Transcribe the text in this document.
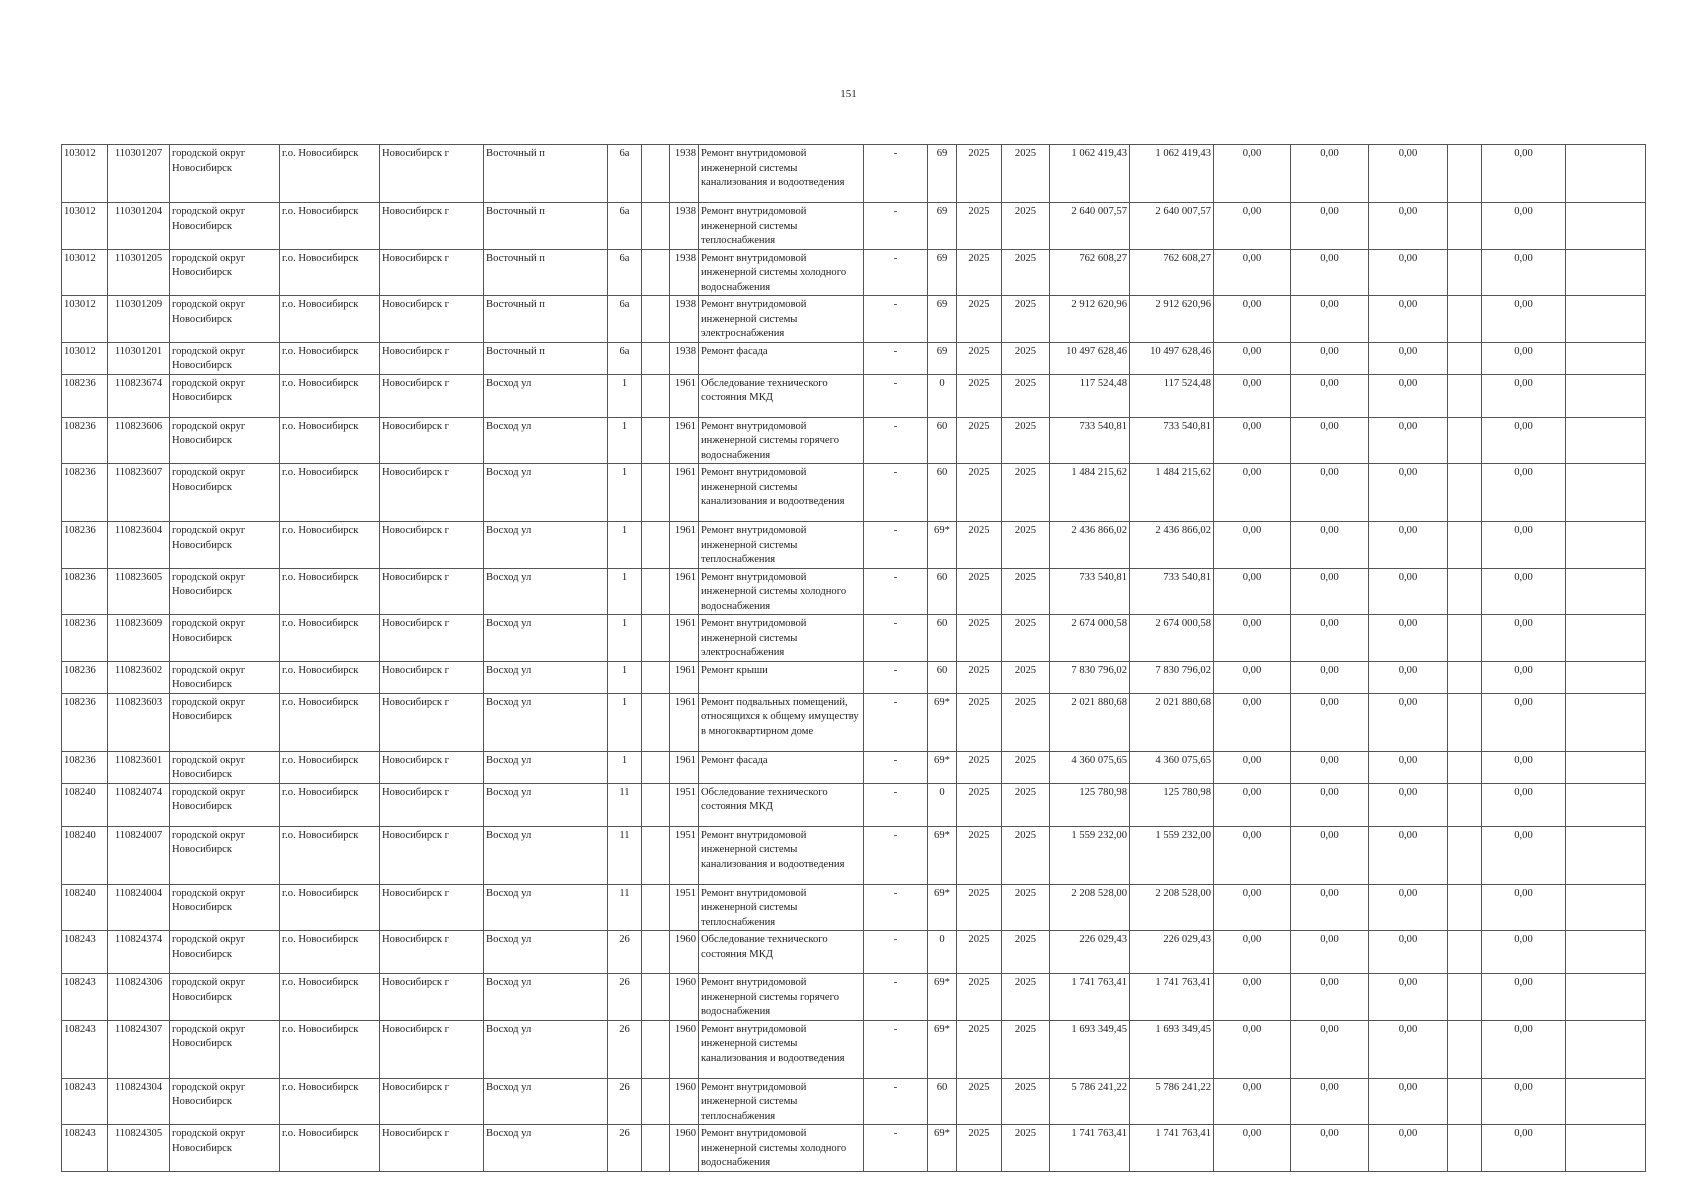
151
103012	110301207	городской округ Новосибирск	г.о. Новосибирск	Новосибирск г	Восточный п	6а		1938	Ремонт внутридомовой инженерной системы канализования и водоотведения	-	69	2025	2025	1 062 419,43	1 062 419,43	0,00	0,00	0,00		0,00	
103012	110301204	городской округ Новосибирск	г.о. Новосибирск	Новосибирск г	Восточный п	6а		1938	Ремонт внутридомовой инженерной системы теплоснабжения	-	69	2025	2025	2 640 007,57	2 640 007,57	0,00	0,00	0,00		0,00	
103012	110301205	городской округ Новосибирск	г.о. Новосибирск	Новосибирск г	Восточный п	6а		1938	Ремонт внутридомовой инженерной системы холодного водоснабжения	-	69	2025	2025	762 608,27	762 608,27	0,00	0,00	0,00		0,00	
103012	110301209	городской округ Новосибирск	г.о. Новосибирск	Новосибирск г	Восточный п	6а		1938	Ремонт внутридомовой инженерной системы электроснабжения	-	69	2025	2025	2 912 620,96	2 912 620,96	0,00	0,00	0,00		0,00	
103012	110301201	городской округ Новосибирск	г.о. Новосибирск	Новосибирск г	Восточный п	6а		1938	Ремонт фасада	-	69	2025	2025	10 497 628,46	10 497 628,46	0,00	0,00	0,00		0,00	
108236	110823674	городской округ Новосибирск	г.о. Новосибирск	Новосибирск г	Восход ул	1		1961	Обследование технического состояния МКД	-	0	2025	2025	117 524,48	117 524,48	0,00	0,00	0,00		0,00	
108236	110823606	городской округ Новосибирск	г.о. Новосибирск	Новосибирск г	Восход ул	1		1961	Ремонт внутридомовой инженерной системы горячего водоснабжения	-	60	2025	2025	733 540,81	733 540,81	0,00	0,00	0,00		0,00	
108236	110823607	городской округ Новосибирск	г.о. Новосибирск	Новосибирск г	Восход ул	1		1961	Ремонт внутридомовой инженерной системы канализования и водоотведения	-	60	2025	2025	1 484 215,62	1 484 215,62	0,00	0,00	0,00		0,00	
108236	110823604	городской округ Новосибирск	г.о. Новосибирск	Новосибирск г	Восход ул	1		1961	Ремонт внутридомовой инженерной системы теплоснабжения	-	69*	2025	2025	2 436 866,02	2 436 866,02	0,00	0,00	0,00		0,00	
108236	110823605	городской округ Новосибирск	г.о. Новосибирск	Новосибирск г	Восход ул	1		1961	Ремонт внутридомовой инженерной системы холодного водоснабжения	-	60	2025	2025	733 540,81	733 540,81	0,00	0,00	0,00		0,00	
108236	110823609	городской округ Новосибирск	г.о. Новосибирск	Новосибирск г	Восход ул	1		1961	Ремонт внутридомовой инженерной системы электроснабжения	-	60	2025	2025	2 674 000,58	2 674 000,58	0,00	0,00	0,00		0,00	
108236	110823602	городской округ Новосибирск	г.о. Новосибирск	Новосибирск г	Восход ул	1		1961	Ремонт крыши	-	60	2025	2025	7 830 796,02	7 830 796,02	0,00	0,00	0,00		0,00	
108236	110823603	городской округ Новосибирск	г.о. Новосибирск	Новосибирск г	Восход ул	1		1961	Ремонт подвальных помещений, относящихся к общему имуществу в многоквартирном доме	-	69*	2025	2025	2 021 880,68	2 021 880,68	0,00	0,00	0,00		0,00	
108236	110823601	городской округ Новосибирск	г.о. Новосибирск	Новосибирск г	Восход ул	1		1961	Ремонт фасада	-	69*	2025	2025	4 360 075,65	4 360 075,65	0,00	0,00	0,00		0,00	
108240	110824074	городской округ Новосибирск	г.о. Новосибирск	Новосибирск г	Восход ул	11		1951	Обследование технического состояния МКД	-	0	2025	2025	125 780,98	125 780,98	0,00	0,00	0,00		0,00	
108240	110824007	городской округ Новосибирск	г.о. Новосибирск	Новосибирск г	Восход ул	11		1951	Ремонт внутридомовой инженерной системы канализования и водоотведения	-	69*	2025	2025	1 559 232,00	1 559 232,00	0,00	0,00	0,00		0,00	
108240	110824004	городской округ Новосибирск	г.о. Новосибирск	Новосибирск г	Восход ул	11		1951	Ремонт внутридомовой инженерной системы теплоснабжения	-	69*	2025	2025	2 208 528,00	2 208 528,00	0,00	0,00	0,00		0,00	
108243	110824374	городской округ Новосибирск	г.о. Новосибирск	Новосибирск г	Восход ул	26		1960	Обследование технического состояния МКД	-	0	2025	2025	226 029,43	226 029,43	0,00	0,00	0,00		0,00	
108243	110824306	городской округ Новосибирск	г.о. Новосибирск	Новосибирск г	Восход ул	26		1960	Ремонт внутридомовой инженерной системы горячего водоснабжения	-	69*	2025	2025	1 741 763,41	1 741 763,41	0,00	0,00	0,00		0,00	
108243	110824307	городской округ Новосибирск	г.о. Новосибирск	Новосибирск г	Восход ул	26		1960	Ремонт внутридомовой инженерной системы канализования и водоотведения	-	69*	2025	2025	1 693 349,45	1 693 349,45	0,00	0,00	0,00		0,00	
108243	110824304	городской округ Новосибирск	г.о. Новосибирск	Новосибирск г	Восход ул	26		1960	Ремонт внутридомовой инженерной системы теплоснабжения	-	60	2025	2025	5 786 241,22	5 786 241,22	0,00	0,00	0,00		0,00	
108243	110824305	городской округ Новосибирск	г.о. Новосибирск	Новосибирск г	Восход ул	26		1960	Ремонт внутридомовой инженерной системы холодного водоснабжения	-	69*	2025	2025	1 741 763,41	1 741 763,41	0,00	0,00	0,00		0,00	
